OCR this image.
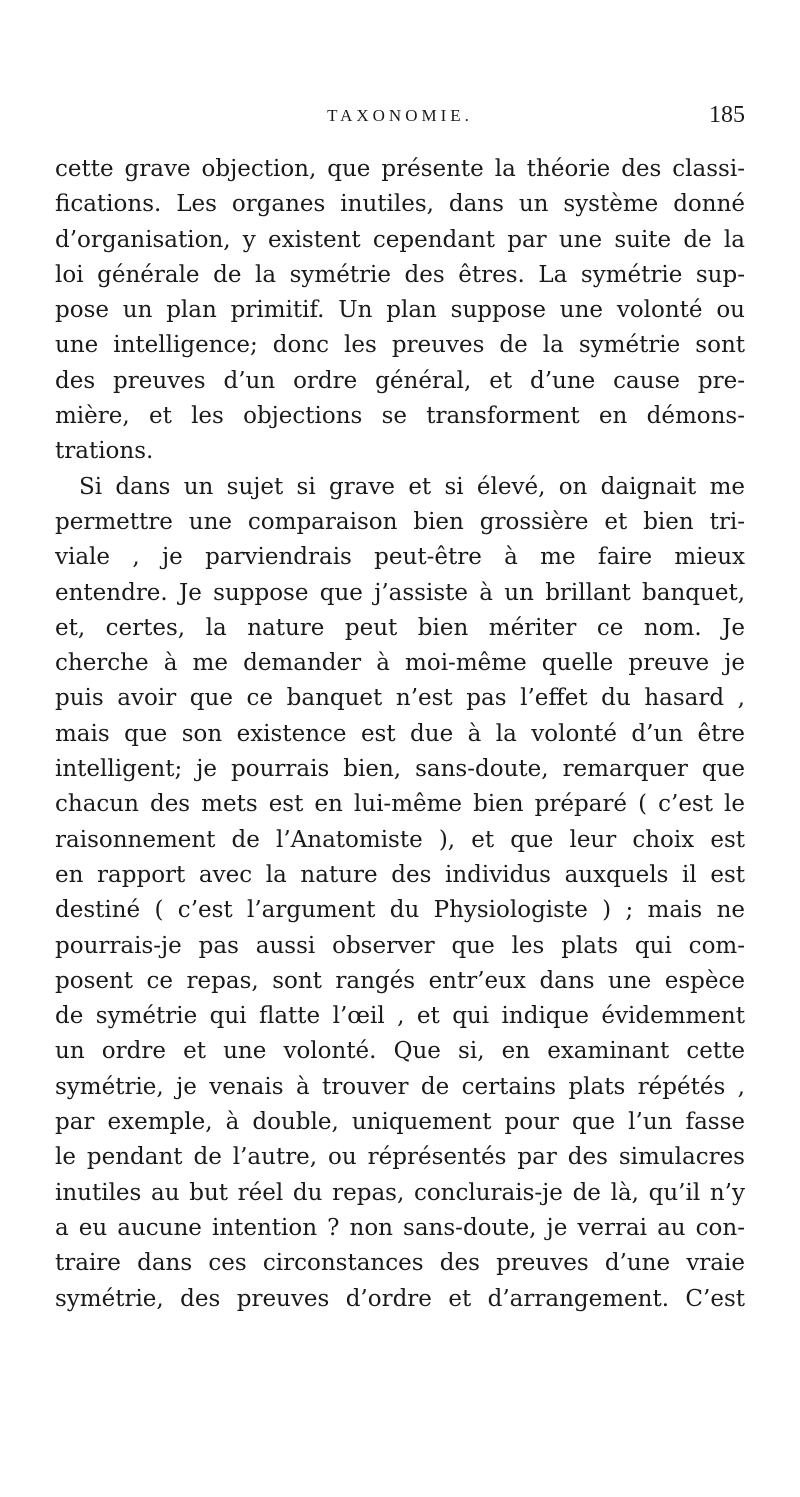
TAXONOMIE.	185
cette grave objection, que présente la théorie des classi-
fications. Les organes inutiles, dans un système donné
d’organisation, y existent cependant par une suite de la
loi générale de la symétrie des êtres. La symétrie sup-
pose un plan primitif. Un plan suppose une volonté ou
une intelligence; donc les preuves de la symétrie sont
des preuves d’un ordre général, et d’une cause pre-
mière, et les objections se transforment en démons-
trations.
Si dans un sujet si grave et si élevé, on daignait me
permettre une comparaison bien grossière et bien tri-
viale , je parviendrais peut-être à me faire mieux
entendre. Je suppose que j’assiste à un brillant banquet,
et, certes, la nature peut bien mériter ce nom. Je
cherche à me demander à moi-même quelle preuve je
puis avoir que ce banquet n’est pas l’effet du hasard ,
mais que son existence est due à la volonté d’un être
intelligent; je pourrais bien, sans-doute, remarquer que
chacun des mets est en lui-même bien préparé ( c’est le
raisonnement de l’Anatomiste ), et que leur choix est
en rapport avec la nature des individus auxquels il est
destiné ( c’est l’argument du Physiologiste ) ; mais ne
pourrais-je pas aussi observer que les plats qui com-
posent ce repas, sont rangés entr’eux dans une espèce
de symétrie qui flatte l’œil , et qui indique évidemment
un ordre et une volonté. Que si, en examinant cette
symétrie, je venais à trouver de certains plats répétés ,
par exemple, à double, uniquement pour que l’un fasse
le pendant de l’autre, ou réprésentés par des simulacres
inutiles au but réel du repas, conclurais-je de là, qu’il n’y
a eu aucune intention ? non sans-doute, je verrai au con-
traire dans ces circonstances des preuves d’une vraie
symétrie, des preuves d’ordre et d’arrangement. C’est
